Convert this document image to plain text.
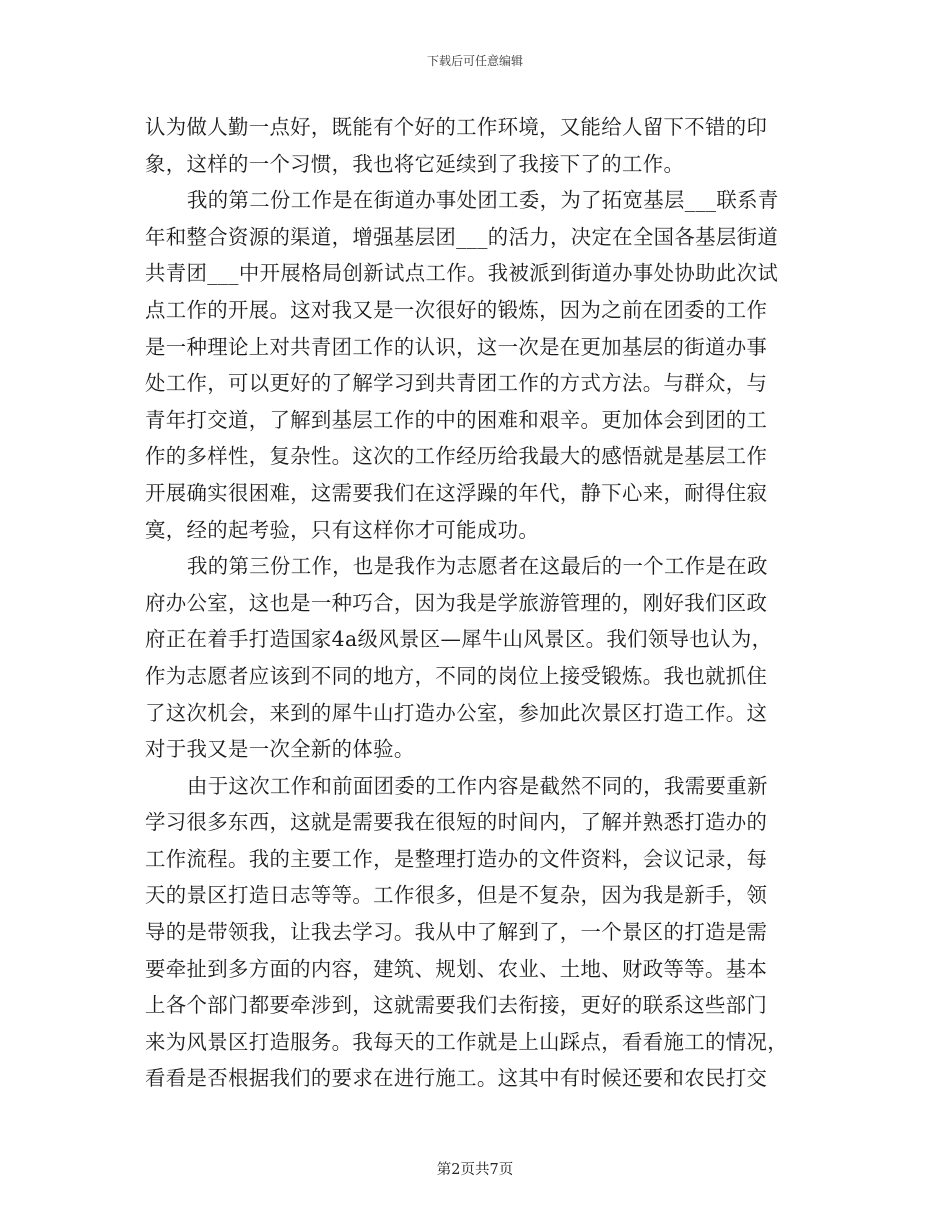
下载后可任意编辑

认为做人勤一点好，既能有个好的工作环境，又能给人留下不错的印
象，这样的一个习惯，我也将它延续到了我接下了的工作。

我的第二份工作是在街道办事处团工委，为了拓宽基层___联系青
年和整合资源的渠道，增强基层团___的活力，决定在全国各基层街道
共青团___中开展格局创新试点工作。我被派到街道办事处协助此次试
点工作的开展。这对我又是一次很好的锻炼，因为之前在团委的工作
是一种理论上对共青团工作的认识，这一次是在更加基层的街道办事
处工作，可以更好的了解学习到共青团工作的方式方法。与群众，与
青年打交道，了解到基层工作的中的困难和艰辛。更加体会到团的工
作的多样性，复杂性。这次的工作经历给我最大的感悟就是基层工作
开展确实很困难，这需要我们在这浮躁的年代，静下心来，耐得住寂
寞，经的起考验，只有这样你才可能成功。

我的第三份工作，也是我作为志愿者在这最后的一个工作是在政
府办公室，这也是一种巧合，因为我是学旅游管理的，刚好我们区政
府正在着手打造国家4a级风景区—犀牛山风景区。我们领导也认为，
作为志愿者应该到不同的地方，不同的岗位上接受锻炼。我也就抓住
了这次机会，来到的犀牛山打造办公室，参加此次景区打造工作。这
对于我又是一次全新的体验。

由于这次工作和前面团委的工作内容是截然不同的，我需要重新
学习很多东西，这就是需要我在很短的时间内，了解并熟悉打造办的
工作流程。我的主要工作，是整理打造办的文件资料，会议记录，每
天的景区打造日志等等。工作很多，但是不复杂，因为我是新手，领
导的是带领我，让我去学习。我从中了解到了，一个景区的打造是需
要牵扯到多方面的内容，建筑、规划、农业、土地、财政等等。基本
上各个部门都要牵涉到，这就需要我们去衔接，更好的联系这些部门
来为风景区打造服务。我每天的工作就是上山踩点，看看施工的情况，
看看是否根据我们的要求在进行施工。这其中有时候还要和农民打交

第2页共7页
